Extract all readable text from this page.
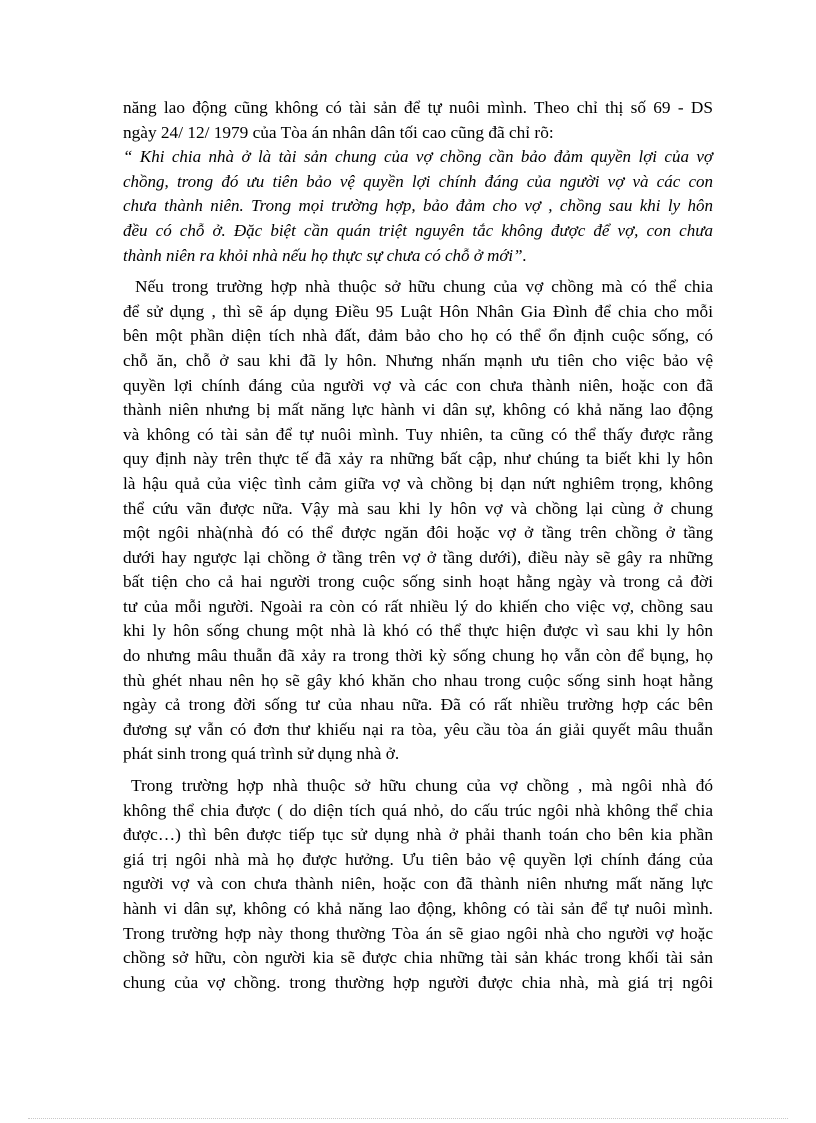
năng lao động cũng không có tài sản để tự nuôi mình. Theo chỉ thị số 69 - DS
ngày 24/ 12/ 1979 của Tòa án nhân dân tối cao cũng đã chỉ rõ:
“ Khi chia nhà ở là tài sản chung của vợ chồng cần bảo đảm quyền lợi của vợ
chồng, trong đó ưu tiên bảo vệ quyền lợi chính đáng của người vợ và các con
chưa thành niên. Trong mọi trường hợp, bảo đảm cho vợ , chồng sau khi ly hôn
đều có chỗ ở. Đặc biệt cần quán triệt nguyên tắc không được để vợ, con chưa
thành niên ra khỏi nhà nếu họ thực sự chưa có chỗ ở mới”.
Nếu trong trường hợp nhà thuộc sở hữu chung của vợ chồng mà có thể chia
để sử dụng , thì sẽ áp dụng Điều 95 Luật Hôn Nhân Gia Đình để chia cho mỗi
bên một phần diện tích nhà đất, đảm bảo cho họ có thể ổn định cuộc sống, có
chỗ ăn, chỗ ở sau khi đã ly hôn. Nhưng nhấn mạnh ưu tiên cho việc bảo vệ
quyền lợi chính đáng của người vợ và các con chưa thành niên, hoặc con đã
thành niên nhưng bị mất năng lực hành vi dân sự, không có khả năng lao động
và không có tài sản để tự nuôi mình. Tuy nhiên, ta cũng có thể thấy được rằng
quy định này trên thực tế đã xảy ra những bất cập, như chúng ta biết khi ly hôn
là hậu quả của việc tình cảm giữa vợ và chồng bị dạn nứt nghiêm trọng, không
thể cứu vãn được nữa. Vậy mà sau khi ly hôn vợ và chồng lại cùng ở chung
một ngôi nhà(nhà đó có thể được ngăn đôi hoặc vợ ở tầng trên chồng ở tầng
dưới hay ngược lại chồng ở tầng trên vợ ở tầng dưới), điều này sẽ gây ra những
bất tiện cho cả hai người trong cuộc sống sinh hoạt hằng ngày và trong cả đời
tư của mỗi người. Ngoài ra còn có rất nhiều lý do khiến cho việc vợ, chồng sau
khi ly hôn sống chung một nhà là khó có thể thực hiện được vì sau khi ly hôn
do nhưng mâu thuẫn đã xảy ra trong thời kỳ sống chung họ vẫn còn để bụng, họ
thù ghét nhau nên họ sẽ gây khó khăn cho nhau trong cuộc sống sinh hoạt hằng
ngày cả trong đời sống tư của nhau nữa. Đã có rất nhiều trường hợp các bên
đương sự vẫn có đơn thư khiếu nại ra tòa, yêu cầu tòa án giải quyết mâu thuẫn
phát sinh trong quá trình sử dụng nhà ở.
Trong trường hợp nhà thuộc sở hữu chung của vợ chồng , mà ngôi nhà đó
không thể chia được ( do diện tích quá nhỏ, do cấu trúc ngôi nhà không thể chia
được…) thì bên được tiếp tục sử dụng nhà ở phải thanh toán cho bên kia phần
giá trị ngôi nhà mà họ được hưởng. Ưu tiên bảo vệ quyền lợi chính đáng của
người vợ và con chưa thành niên, hoặc con đã thành niên nhưng mất năng lực
hành vi dân sự, không có khả năng lao động, không có tài sản để tự nuôi mình.
Trong trường hợp này thong thường Tòa án sẽ giao ngôi nhà cho người vợ hoặc
chồng sở hữu, còn người kia sẽ được chia những tài sản khác trong khối tài sản
chung của vợ chồng. trong thường hợp người được chia nhà, mà giá trị ngôi
